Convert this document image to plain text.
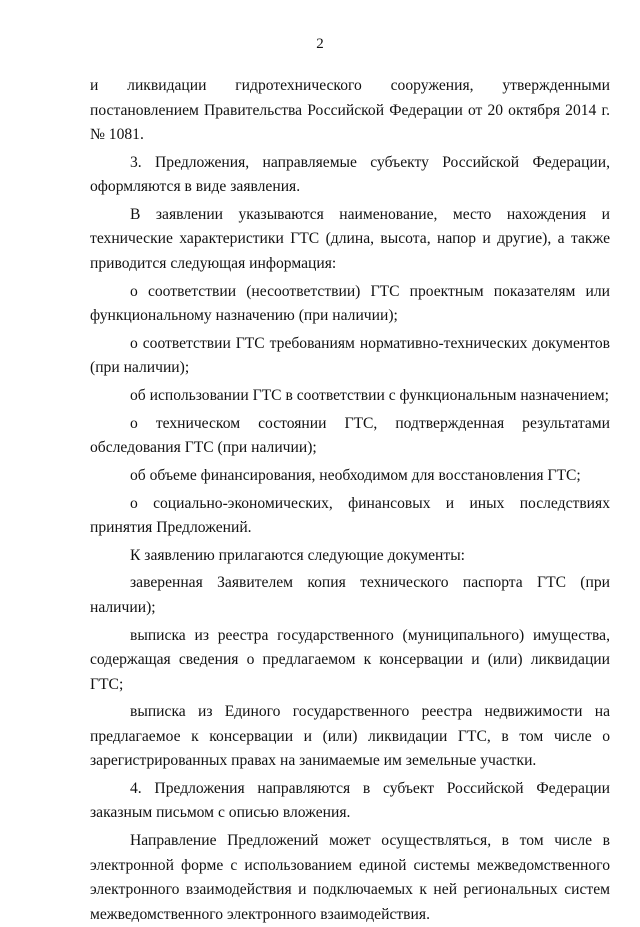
2

и ликвидации гидротехнического сооружения, утвержденными постановлением Правительства Российской Федерации от 20 октября 2014 г. № 1081.

3. Предложения, направляемые субъекту Российской Федерации, оформляются в виде заявления.

В заявлении указываются наименование, место нахождения и технические характеристики ГТС (длина, высота, напор и другие), а также приводится следующая информация:

о соответствии (несоответствии) ГТС проектным показателям или функциональному назначению (при наличии);

о соответствии ГТС требованиям нормативно-технических документов (при наличии);

об использовании ГТС в соответствии с функциональным назначением;

о техническом состоянии ГТС, подтвержденная результатами обследования ГТС (при наличии);

об объеме финансирования, необходимом для восстановления ГТС;

о социально-экономических, финансовых и иных последствиях принятия Предложений.

К заявлению прилагаются следующие документы:

заверенная Заявителем копия технического паспорта ГТС (при наличии);

выписка из реестра государственного (муниципального) имущества, содержащая сведения о предлагаемом к консервации и (или) ликвидации ГТС;

выписка из Единого государственного реестра недвижимости на предлагаемое к консервации и (или) ликвидации ГТС, в том числе о зарегистрированных правах на занимаемые им земельные участки.

4. Предложения направляются в субъект Российской Федерации заказным письмом с описью вложения.

Направление Предложений может осуществляться, в том числе в электронной форме с использованием единой системы межведомственного электронного взаимодействия и подключаемых к ней региональных систем межведомственного электронного взаимодействия.
